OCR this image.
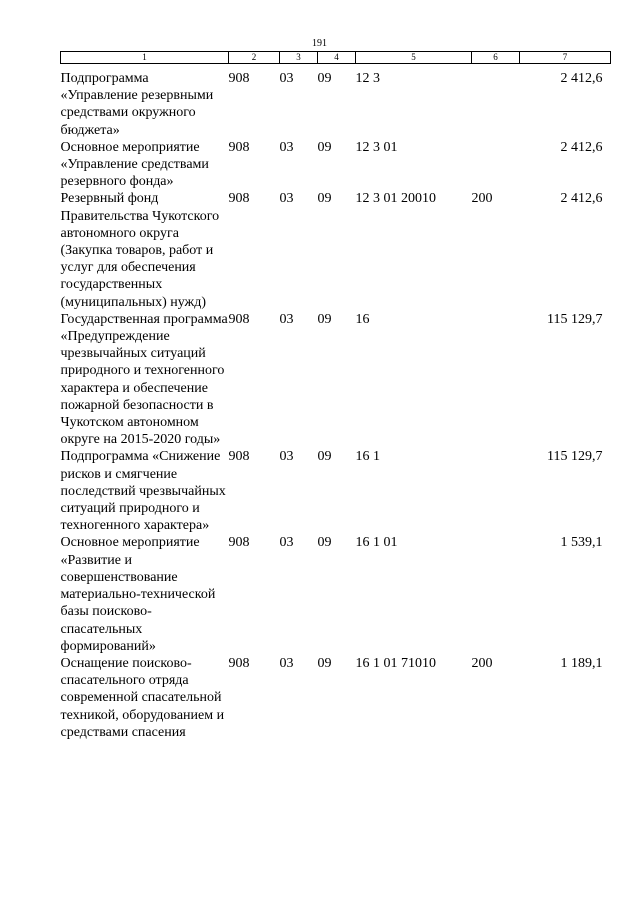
191
1	2	3	4	5	6	7
Подпрограмма «Управление резервными средствами окружного бюджета»	908	03	09	12 3		2 412,6
Основное мероприятие «Управление средствами резервного фонда»	908	03	09	12 3 01		2 412,6
Резервный фонд Правительства Чукотского автономного округа (Закупка товаров, работ и услуг для обеспечения государственных (муниципальных) нужд)	908	03	09	12 3 01 20010	200	2 412,6
Государственная программа «Предупреждение чрезвычайных ситуаций природного и техногенного характера и обеспечение пожарной безопасности в Чукотском автономном округе на 2015-2020 годы»	908	03	09	16		115 129,7
Подпрограмма «Снижение рисков и смягчение последствий чрезвычайных ситуаций природного и техногенного характера»	908	03	09	16 1		115 129,7
Основное мероприятие «Развитие и совершенствование материально-технической базы поисково-спасательных формирований»	908	03	09	16 1 01		1 539,1
Оснащение поисково-спасательного отряда современной спасательной техникой, оборудованием и средствами спасения	908	03	09	16 1 01 71010	200	1 189,1
